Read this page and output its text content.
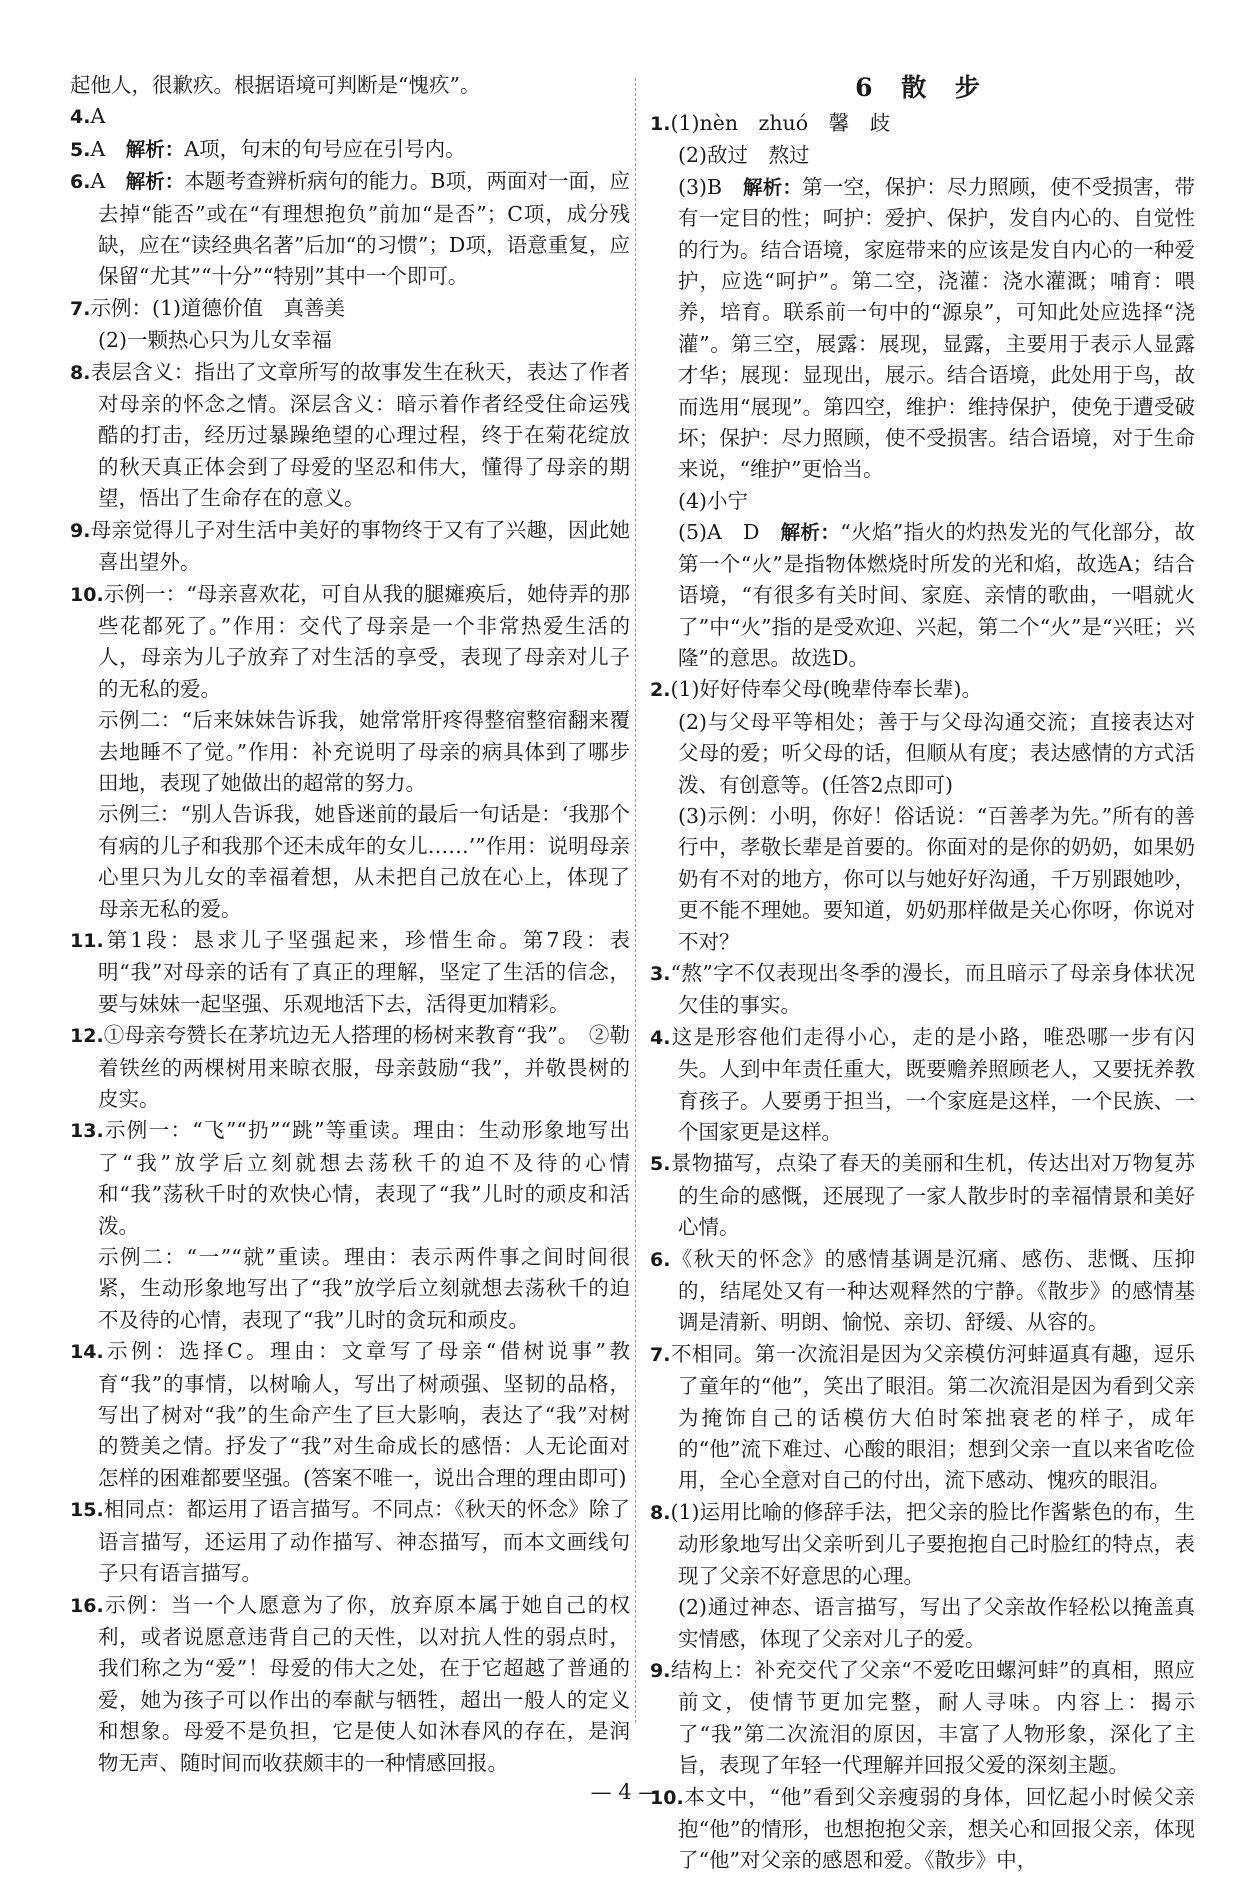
起他人，很歉疚。根据语境可判断是“愧疚”。

4.A

5.A　 解析：A项，句末的句号应在引号内。

6.A　 解析：本题考查辨析病句的能力。B项，两面对一面，应去掉“能否”或在“有理想抱负”前加“是否”；C项，成分残缺，应在“读经典名著”后加“的习惯”；D项，语意重复，应保留“尤其”“十分”“特别”其中一个即可。

7.示例：(1)道德价值　真善美

(2)一颗热心只为儿女幸福

8.表层含义：指出了文章所写的故事发生在秋天，表达了作者对母亲的怀念之情。深层含义：暗示着作者经受住命运残酷的打击，经历过暴躁绝望的心理过程，终于在菊花绽放的秋天真正体会到了母爱的坚忍和伟大，懂得了母亲的期望，悟出了生命存在的意义。

9.母亲觉得儿子对生活中美好的事物终于又有了兴趣，因此她喜出望外。

10.示例一：“母亲喜欢花，可自从我的腿瘫痪后，她侍弄的那些花都死了。”作用：交代了母亲是一个非常热爱生活的人，母亲为儿子放弃了对生活的享受，表现了母亲对儿子的无私的爱。

示例二：“后来妹妹告诉我，她常常肝疼得整宿整宿翻来覆去地睡不了觉。”作用：补充说明了母亲的病具体到了哪步田地，表现了她做出的超常的努力。

示例三：“别人告诉我，她昏迷前的最后一句话是：‘我那个有病的儿子和我那个还未成年的女儿……’”作用：说明母亲心里只为儿女的幸福着想，从未把自己放在心上，体现了母亲无私的爱。

11.第1段：恳求儿子坚强起来，珍惜生命。第7段：表明“我”对母亲的话有了真正的理解，坚定了生活的信念，要与妹妹一起坚强、乐观地活下去，活得更加精彩。

12.①母亲夸赞长在茅坑边无人搭理的杨树来教育“我”。　②勒着铁丝的两棵树用来晾衣服，母亲鼓励“我”，并敬畏树的皮实。

13.示例一：“飞”“扔”“跳”等重读。理由：生动形象地写出了“我”放学后立刻就想去荡秋千的迫不及待的心情和“我”荡秋千时的欢快心情，表现了“我”儿时的顽皮和活泼。

示例二：“一”“就”重读。理由：表示两件事之间时间很紧，生动形象地写出了“我”放学后立刻就想去荡秋千的迫不及待的心情，表现了“我”儿时的贪玩和顽皮。

14.示例：选择C。理由：文章写了母亲“借树说事”教育“我”的事情，以树喻人，写出了树顽强、坚韧的品格，写出了树对“我”的生命产生了巨大影响，表达了“我”对树的赞美之情。抒发了“我”对生命成长的感悟：人无论面对怎样的困难都要坚强。(答案不唯一，说出合理的理由即可)

15.相同点：都运用了语言描写。不同点：《秋天的怀念》除了语言描写，还运用了动作描写、神态描写，而本文画线句子只有语言描写。

16.示例：当一个人愿意为了你，放弃原本属于她自己的权利，或者说愿意违背自己的天性，以对抗人性的弱点时，我们称之为“爱”！母爱的伟大之处，在于它超越了普通的爱，她为孩子可以作出的奉献与牺牲，超出一般人的定义和想象。母爱不是负担，它是使人如沐春风的存在，是润物无声、随时间而收获颇丰的一种情感回报。

6 散 步

1.(1)nèn　zhuó　馨　歧

(2)敌过　熬过

(3)B　 解析：第一空，保护：尽力照顾，使不受损害，带有一定目的性；呵护：爱护、保护，发自内心的、自觉性的行为。结合语境，家庭带来的应该是发自内心的一种爱护，应选“呵护”。第二空，浇灌：浇水灌溉；哺育：喂养，培育。联系前一句中的“源泉”，可知此处应选择“浇灌”。第三空，展露：展现，显露，主要用于表示人显露才华；展现：显现出，展示。结合语境，此处用于鸟，故而选用“展现”。第四空，维护：维持保护，使免于遭受破坏；保护：尽力照顾，使不受损害。结合语境，对于生命来说，“维护”更恰当。

(4)小宁

(5)A　D　 解析：“火焰”指火的灼热发光的气化部分，故第一个“火”是指物体燃烧时所发的光和焰，故选A；结合语境，“有很多有关时间、家庭、亲情的歌曲，一唱就火了”中“火”指的是受欢迎、兴起，第二个“火”是“兴旺；兴隆”的意思。故选D。

2.(1)好好侍奉父母(晚辈侍奉长辈)。

(2)与父母平等相处；善于与父母沟通交流；直接表达对父母的爱；听父母的话，但顺从有度；表达感情的方式活泼、有创意等。(任答2点即可)

(3)示例：小明，你好！俗话说：“百善孝为先。”所有的善行中，孝敬长辈是首要的。你面对的是你的奶奶，如果奶奶有不对的地方，你可以与她好好沟通，千万别跟她吵，更不能不理她。要知道，奶奶那样做是关心你呀，你说对不对？

3.“熬”字不仅表现出冬季的漫长，而且暗示了母亲身体状况欠佳的事实。

4.这是形容他们走得小心，走的是小路，唯恐哪一步有闪失。人到中年责任重大，既要赡养照顾老人，又要抚养教育孩子。人要勇于担当，一个家庭是这样，一个民族、一个国家更是这样。

5.景物描写，点染了春天的美丽和生机，传达出对万物复苏的生命的感慨，还展现了一家人散步时的幸福情景和美好心情。

6.《秋天的怀念》的感情基调是沉痛、感伤、悲慨、压抑的，结尾处又有一种达观释然的宁静。《散步》的感情基调是清新、明朗、愉悦、亲切、舒缓、从容的。

7.不相同。第一次流泪是因为父亲模仿河蚌逼真有趣，逗乐了童年的“他”，笑出了眼泪。第二次流泪是因为看到父亲为掩饰自己的话模仿大伯时笨拙衰老的样子，成年的“他”流下难过、心酸的眼泪；想到父亲一直以来省吃俭用，全心全意对自己的付出，流下感动、愧疚的眼泪。

8.(1)运用比喻的修辞手法，把父亲的脸比作酱紫色的布，生动形象地写出父亲听到儿子要抱抱自己时脸红的特点，表现了父亲不好意思的心理。

(2)通过神态、语言描写，写出了父亲故作轻松以掩盖真实情感，体现了父亲对儿子的爱。

9.结构上：补充交代了父亲“不爱吃田螺河蚌”的真相，照应前文，使情节更加完整，耐人寻味。内容上：揭示了“我”第二次流泪的原因，丰富了人物形象，深化了主旨，表现了年轻一代理解并回报父爱的深刻主题。

10.本文中，“他”看到父亲瘦弱的身体，回忆起小时候父亲抱“他”的情形，也想抱抱父亲，想关心和回报父亲，体现了“他”对父亲的感恩和爱。《散步》中，

— 4 —
